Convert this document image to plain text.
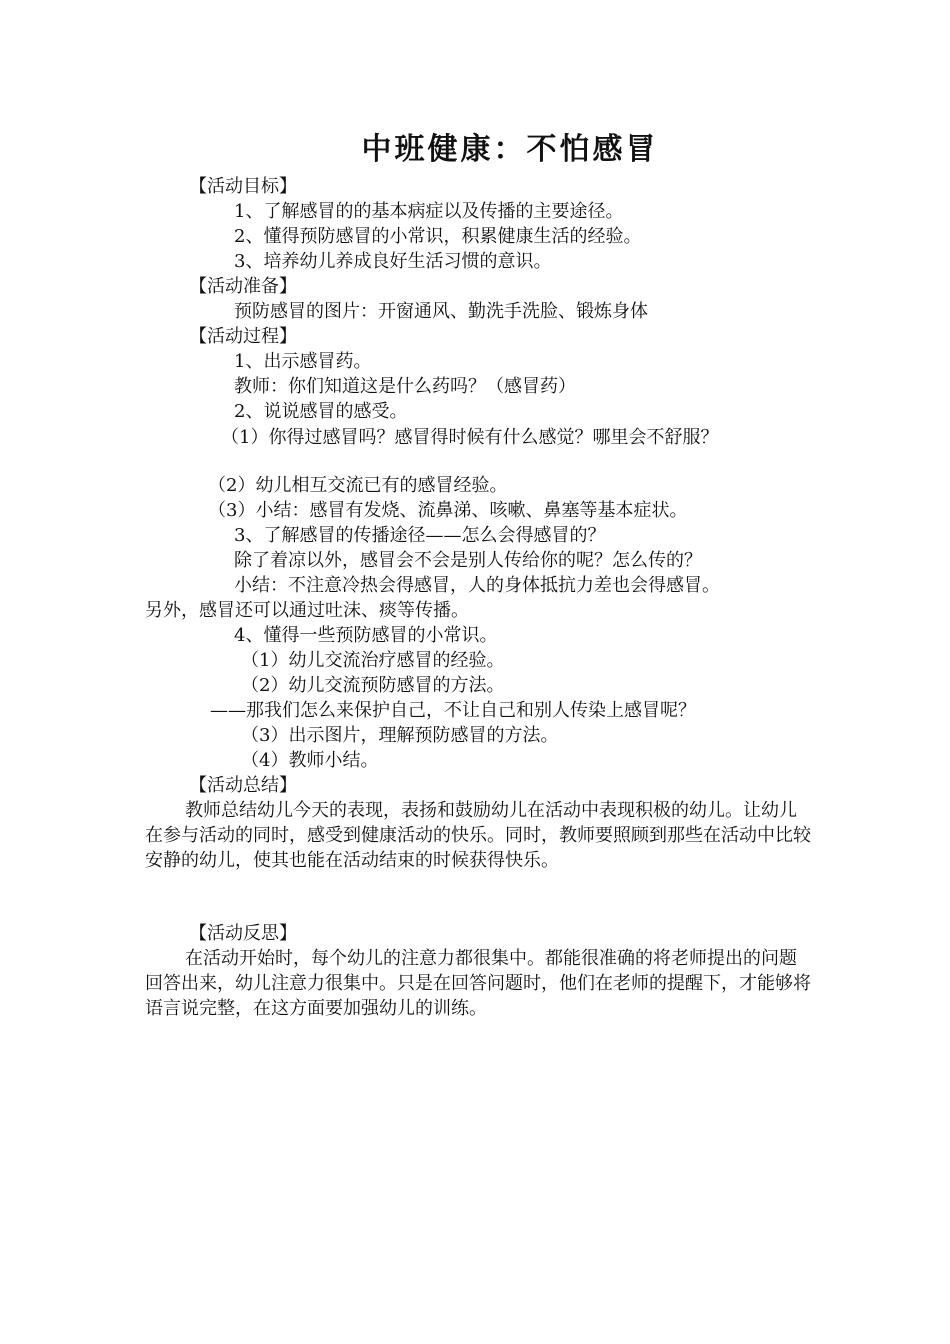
中班健康：不怕感冒
【活动目标】
1、了解感冒的的基本病症以及传播的主要途径。
2、懂得预防感冒的小常识，积累健康生活的经验。
3、培养幼儿养成良好生活习惯的意识。
【活动准备】
预防感冒的图片：开窗通风、勤洗手洗脸、锻炼身体
【活动过程】
1、出示感冒药。
教师：你们知道这是什么药吗？（感冒药）
2、说说感冒的感受。
（1）你得过感冒吗？感冒得时候有什么感觉？哪里会不舒服？
（2）幼儿相互交流已有的感冒经验。
（3）小结：感冒有发烧、流鼻涕、咳嗽、鼻塞等基本症状。
3、了解感冒的传播途径——怎么会得感冒的？
除了着凉以外，感冒会不会是别人传给你的呢？怎么传的？
小结：不注意冷热会得感冒，人的身体抵抗力差也会得感冒。
另外，感冒还可以通过吐沫、痰等传播。
4、懂得一些预防感冒的小常识。
（1）幼儿交流治疗感冒的经验。
（2）幼儿交流预防感冒的方法。
——那我们怎么来保护自己，不让自己和别人传染上感冒呢？
（3）出示图片，理解预防感冒的方法。
（4）教师小结。
【活动总结】
教师总结幼儿今天的表现，表扬和鼓励幼儿在活动中表现积极的幼儿。让幼儿在参与活动的同时，感受到健康活动的快乐。同时，教师要照顾到那些在活动中比较安静的幼儿，使其也能在活动结束的时候获得快乐。
【活动反思】
在活动开始时，每个幼儿的注意力都很集中。都能很准确的将老师提出的问题回答出来，幼儿注意力很集中。只是在回答问题时，他们在老师的提醒下，才能够将语言说完整，在这方面要加强幼儿的训练。
